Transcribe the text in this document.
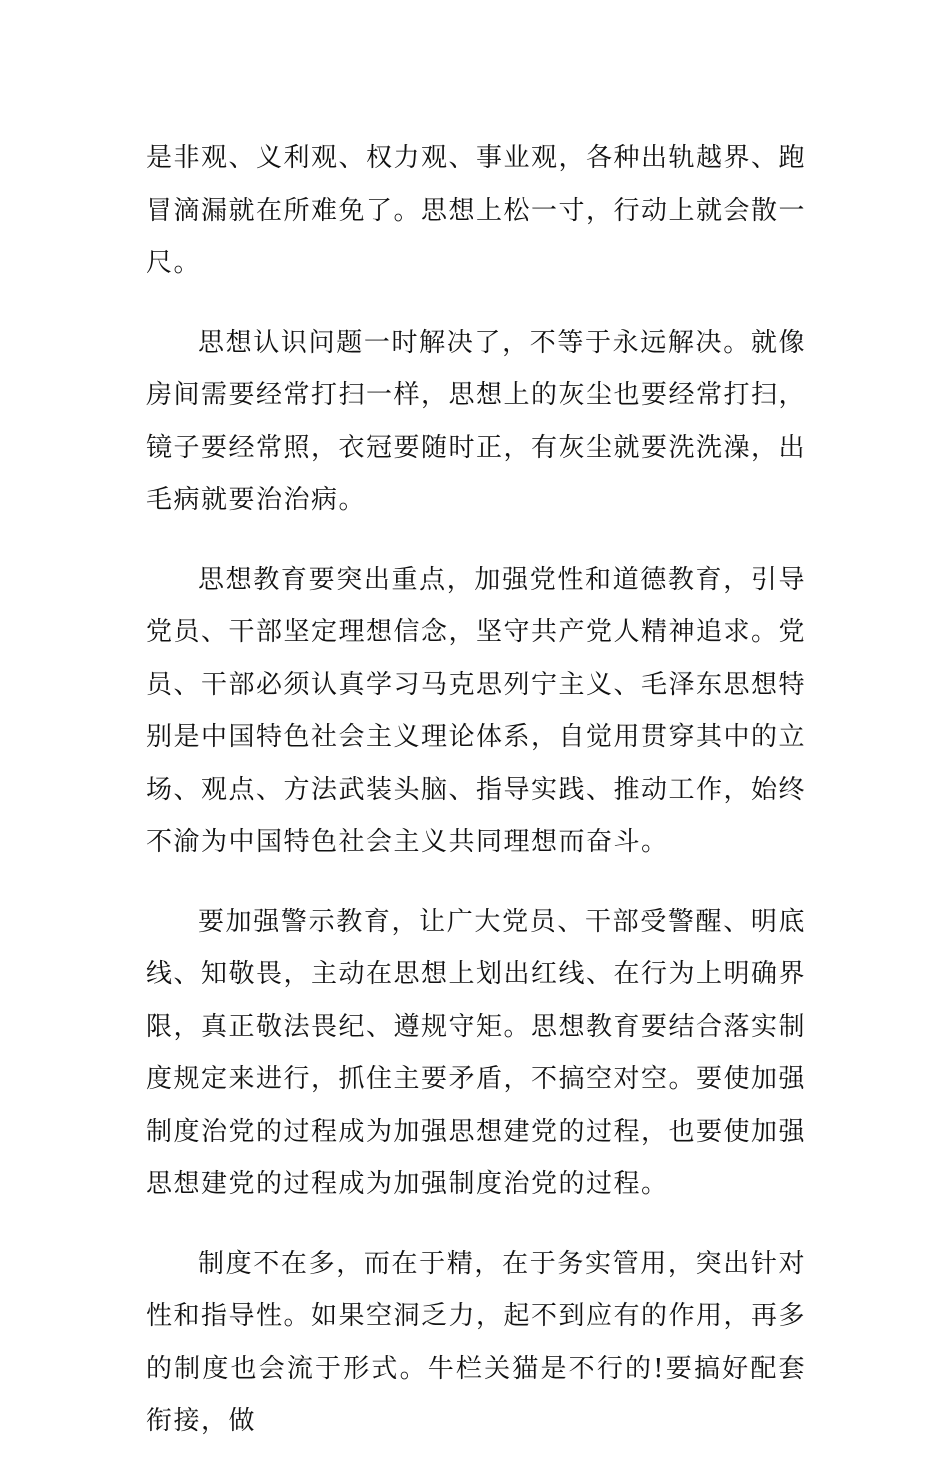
是非观、义利观、权力观、事业观，各种出轨越界、跑冒滴漏就在所难免了。思想上松一寸，行动上就会散一尺。

思想认识问题一时解决了，不等于永远解决。就像房间需要经常打扫一样，思想上的灰尘也要经常打扫，镜子要经常照，衣冠要随时正，有灰尘就要洗洗澡，出毛病就要治治病。

思想教育要突出重点，加强党性和道德教育，引导党员、干部坚定理想信念，坚守共产党人精神追求。党员、干部必须认真学习马克思列宁主义、毛泽东思想特别是中国特色社会主义理论体系，自觉用贯穿其中的立场、观点、方法武装头脑、指导实践、推动工作，始终不渝为中国特色社会主义共同理想而奋斗。

要加强警示教育，让广大党员、干部受警醒、明底线、知敬畏，主动在思想上划出红线、在行为上明确界限，真正敬法畏纪、遵规守矩。思想教育要结合落实制度规定来进行，抓住主要矛盾，不搞空对空。要使加强制度治党的过程成为加强思想建党的过程，也要使加强思想建党的过程成为加强制度治党的过程。

制度不在多，而在于精，在于务实管用，突出针对性和指导性。如果空洞乏力，起不到应有的作用，再多的制度也会流于形式。牛栏关猫是不行的!要搞好配套衔接，做
